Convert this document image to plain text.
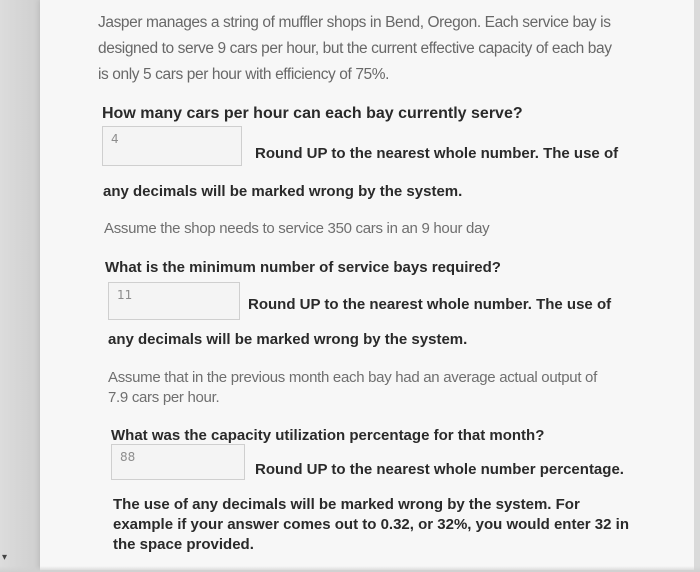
Jasper manages a string of muffler shops in Bend, Oregon. Each service bay is
designed to serve 9 cars per hour, but the current effective capacity of each bay
is only 5 cars per hour with efficiency of 75%.
How many cars per hour can each bay currently serve?
4
Round UP to the nearest whole number. The use of
any decimals will be marked wrong by the system.
Assume the shop needs to service 350 cars in an 9 hour day
What is the minimum number of service bays required?
11
Round UP to the nearest whole number. The use of
any decimals will be marked wrong by the system.
Assume that in the previous month each bay had an average actual output of
7.9 cars per hour.
What was the capacity utilization percentage for that month?
88
Round UP to the nearest whole number percentage.
The use of any decimals will be marked wrong by the system. For
example if your answer comes out to 0.32, or 32%, you would enter 32 in
the space provided.
▾
